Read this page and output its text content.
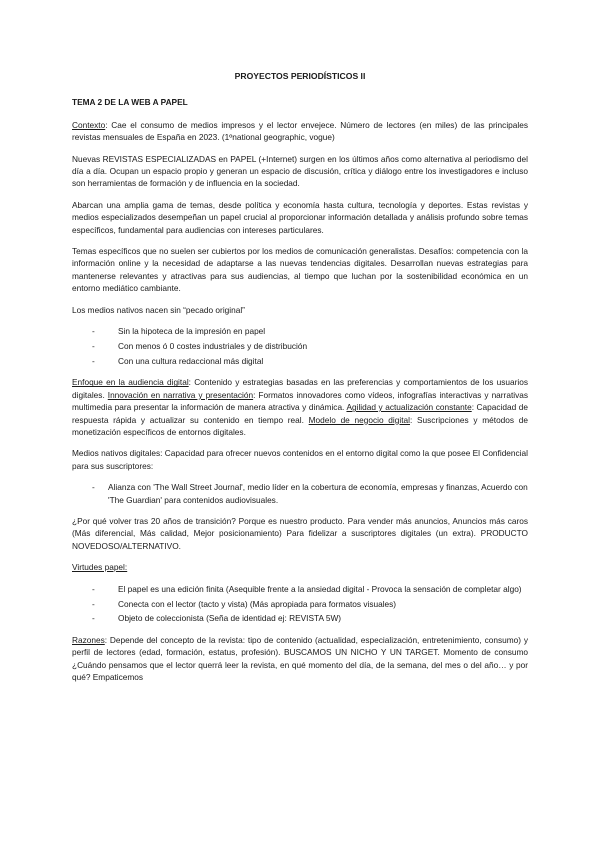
PROYECTOS PERIODÍSTICOS II
TEMA 2 DE LA WEB A PAPEL

Contexto: Cae el consumo de medios impresos y el lector envejece. Número de lectores (en miles) de las principales revistas mensuales de España en 2023. (1ºnational geographic, vogue)

Nuevas REVISTAS ESPECIALIZADAS en PAPEL (+Internet) surgen en los últimos años como alternativa al periodismo del día a día. Ocupan un espacio propio y generan un espacio de discusión, crítica y diálogo entre los investigadores e incluso son herramientas de formación y de influencia en la sociedad.

Abarcan una amplia gama de temas, desde política y economía hasta cultura, tecnología y deportes. Estas revistas y medios especializados desempeñan un papel crucial al proporcionar información detallada y análisis profundo sobre temas específicos, fundamental para audiencias con intereses particulares.

Temas específicos que no suelen ser cubiertos por los medios de comunicación generalistas. Desafíos: competencia con la información online y la necesidad de adaptarse a las nuevas tendencias digitales. Desarrollan nuevas estrategias para mantenerse relevantes y atractivas para sus audiencias, al tiempo que luchan por la sostenibilidad económica en un entorno mediático cambiante.

Los medios nativos nacen sin “pecado original”

-	Sin la hipoteca de la impresión en papel
-	Con menos ó 0 costes industriales y de distribución
-	Con una cultura redaccional más digital

Enfoque en la audiencia digital: Contenido y estrategias basadas en las preferencias y comportamientos de los usuarios digitales. Innovación en narrativa y presentación: Formatos innovadores como vídeos, infografías interactivas y narrativas multimedia para presentar la información de manera atractiva y dinámica. Agilidad y actualización constante: Capacidad de respuesta rápida y actualizar su contenido en tiempo real. Modelo de negocio digital: Suscripciones y métodos de monetización específicos de entornos digitales.

Medios nativos digitales: Capacidad para ofrecer nuevos contenidos en el entorno digital como la que posee El Confidencial para sus suscriptores:

- Alianza con 'The Wall Street Journal', medio líder en la cobertura de economía, empresas y finanzas, Acuerdo con 'The Guardian' para contenidos audiovisuales.

¿Por qué volver tras 20 años de transición? Porque es nuestro producto. Para vender más anuncios, Anuncios más caros (Más diferencial, Más calidad, Mejor posicionamiento) Para fidelizar a suscriptores digitales (un extra). PRODUCTO NOVEDOSO/ALTERNATIVO.

Virtudes papel:

-	El papel es una edición finita (Asequible frente a la ansiedad digital - Provoca la sensación de completar algo)
-	Conecta con el lector (tacto y vista) (Más apropiada para formatos visuales)
-	Objeto de coleccionista (Seña de identidad ej: REVISTA 5W)

Razones: Depende del concepto de la revista: tipo de contenido (actualidad, especialización, entretenimiento, consumo) y perfil de lectores (edad, formación, estatus, profesión). BUSCAMOS UN NICHO Y UN TARGET. Momento de consumo ¿Cuándo pensamos que el lector querrá leer la revista, en qué momento del día, de la semana, del mes o del año… y por qué? Empaticemos
